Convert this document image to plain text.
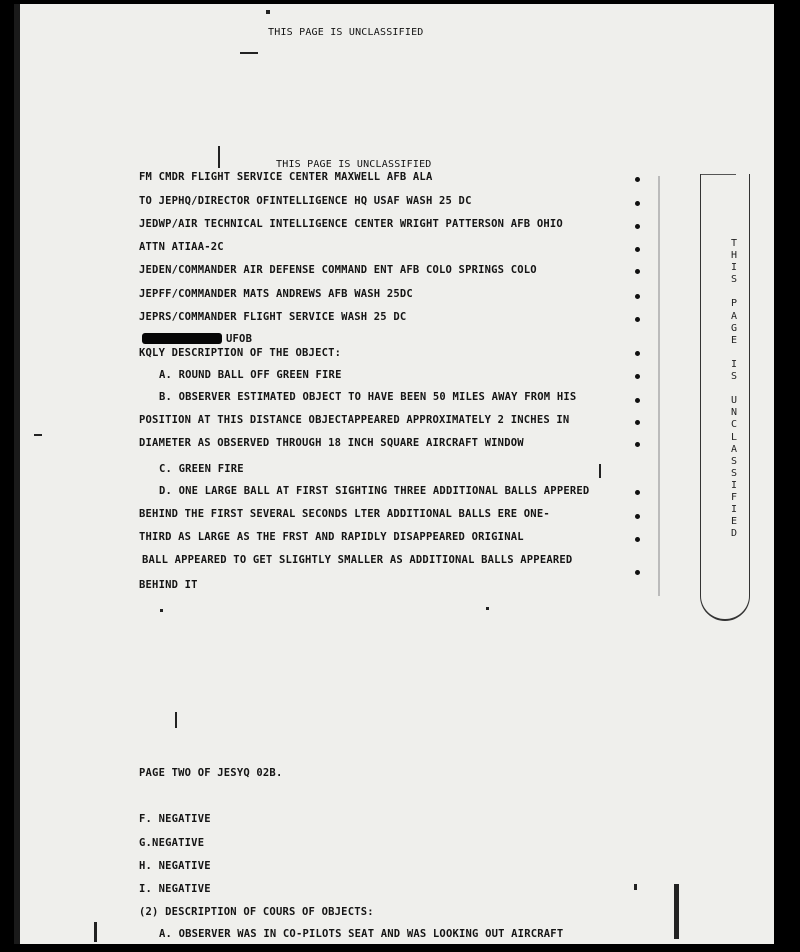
THIS PAGE IS UNCLASSIFIED
THIS PAGE IS UNCLASSIFIED
FM CMDR FLIGHT SERVICE CENTER MAXWELL AFB ALA
TO JEPHQ/DIRECTOR OFINTELLIGENCE HQ USAF WASH 25 DC
JEDWP/AIR TECHNICAL INTELLIGENCE CENTER WRIGHT PATTERSON AFB OHIO
ATTN ATIAA-2C
JEDEN/COMMANDER AIR DEFENSE COMMAND ENT AFB COLO SPRINGS COLO
JEPFF/COMMANDER MATS ANDREWS AFB WASH 25DC
JEPRS/COMMANDER FLIGHT SERVICE WASH 25 DC
UFOB
KQLY DESCRIPTION OF THE OBJECT:
A. ROUND BALL OFF GREEN FIRE
B. OBSERVER ESTIMATED OBJECT TO HAVE BEEN 50 MILES AWAY FROM HIS
POSITION AT THIS DISTANCE OBJECTAPPEARED APPROXIMATELY 2 INCHES IN
DIAMETER AS OBSERVED THROUGH 18 INCH SQUARE AIRCRAFT WINDOW
C. GREEN FIRE
D. ONE LARGE BALL AT FIRST SIGHTING THREE ADDITIONAL BALLS APPERED
BEHIND THE FIRST SEVERAL SECONDS LTER ADDITIONAL BALLS ERE ONE-
THIRD AS LARGE AS THE FRST AND RAPIDLY DISAPPEARED ORIGINAL
BALL APPEARED TO GET SLIGHTLY SMALLER AS ADDITIONAL BALLS APPEARED
BEHIND IT
PAGE TWO OF JESYQ 02B.
F. NEGATIVE
G.NEGATIVE
H. NEGATIVE
I. NEGATIVE
(2) DESCRIPTION OF COURS OF OBJECTS:
A. OBSERVER WAS IN CO-PILOTS SEAT AND WAS LOOKING OUT AIRCRAFT
T
H
I
S
P
A
G
E
I
S
U
N
C
L
A
S
S
I
F
I
E
D
